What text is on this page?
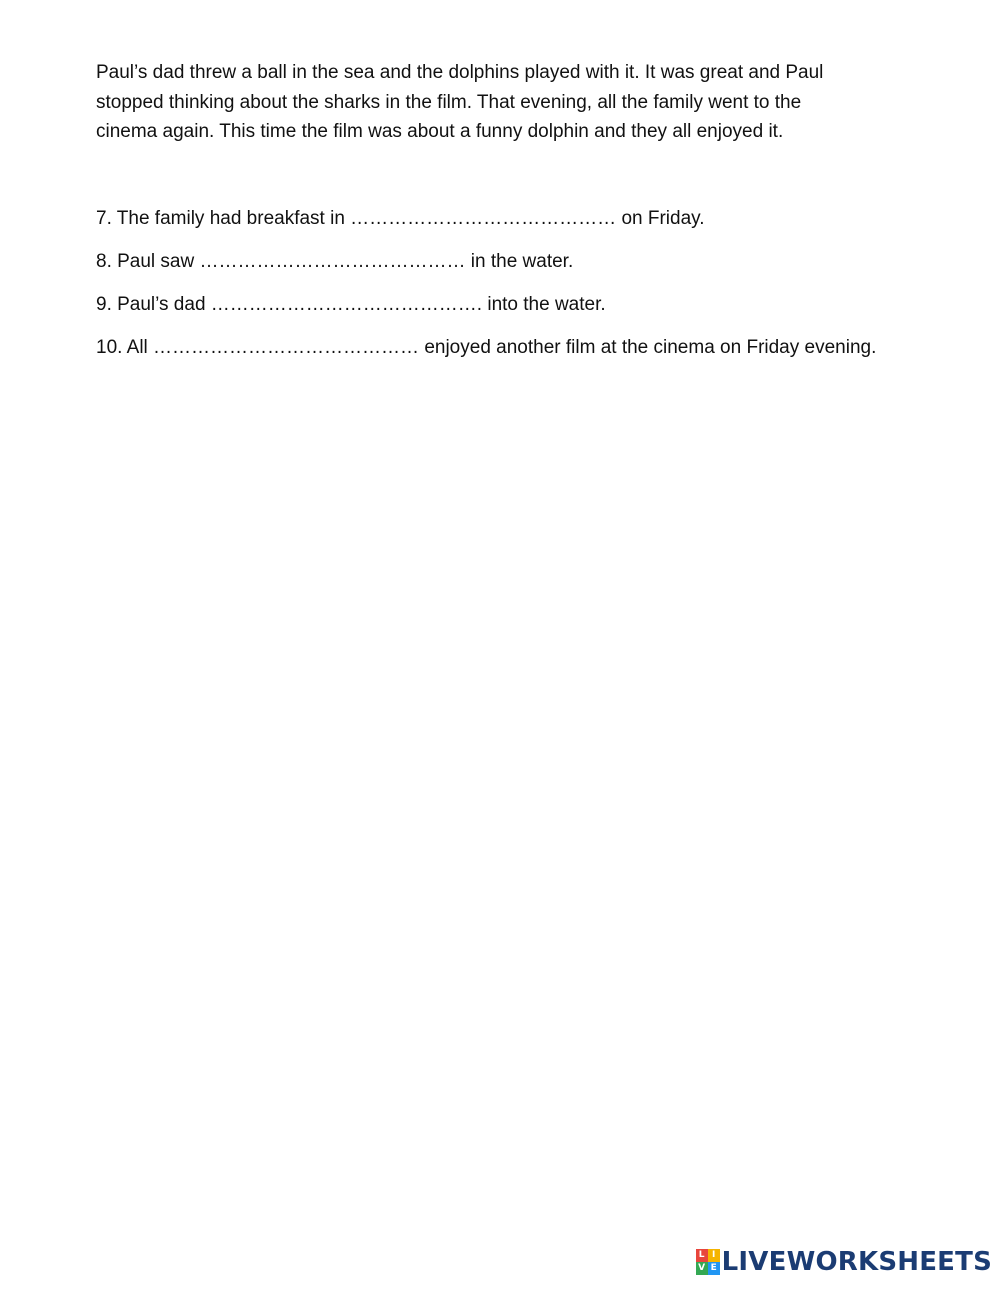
Paul’s dad threw a ball in the sea and the dolphins played with it. It was great and Paul
stopped thinking about the sharks in the film. That evening, all the family went to the
cinema again. This time the film was about a funny dolphin and they all enjoyed it.

7. The family had breakfast in …………………………………… on Friday.
8. Paul saw …………………………………… in the water.
9. Paul’s dad ……………………………………. into the water.
10. All …………………………………… enjoyed another film at the cinema on Friday evening.
L I
V E LIVEWORKSHEETS
